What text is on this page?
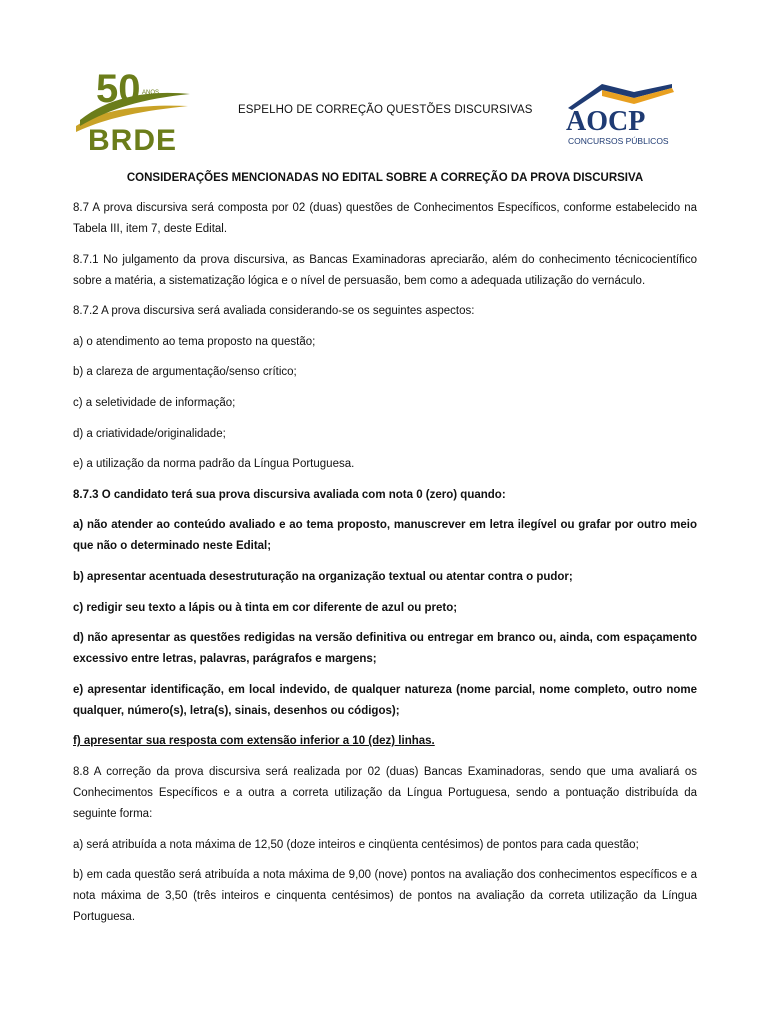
50 ANOS
BRDE
ESPELHO DE CORREÇÃO QUESTÕES DISCURSIVAS AOCP
CONCURSOS PÚBLICOS
CONSIDERAÇÕES MENCIONADAS NO EDITAL SOBRE A CORREÇÃO DA PROVA DISCURSIVA

8.7 A prova discursiva será composta por 02 (duas) questões de Conhecimentos Específicos, conforme estabelecido na Tabela III, item 7, deste Edital.

8.7.1 No julgamento da prova discursiva, as Bancas Examinadoras apreciarão, além do conhecimento técnicocientífico sobre a matéria, a sistematização lógica e o nível de persuasão, bem como a adequada utilização do vernáculo.

8.7.2 A prova discursiva será avaliada considerando-se os seguintes aspectos:

a) o atendimento ao tema proposto na questão;

b) a clareza de argumentação/senso crítico;

c) a seletividade de informação;

d) a criatividade/originalidade;

e) a utilização da norma padrão da Língua Portuguesa.

8.7.3 O candidato terá sua prova discursiva avaliada com nota 0 (zero) quando:

a) não atender ao conteúdo avaliado e ao tema proposto, manuscrever em letra ilegível ou grafar por outro meio que não o determinado neste Edital;

b) apresentar acentuada desestruturação na organização textual ou atentar contra o pudor;

c) redigir seu texto a lápis ou à tinta em cor diferente de azul ou preto;

d) não apresentar as questões redigidas na versão definitiva ou entregar em branco ou, ainda, com espaçamento excessivo entre letras, palavras, parágrafos e margens;

e) apresentar identificação, em local indevido, de qualquer natureza (nome parcial, nome completo, outro nome qualquer, número(s), letra(s), sinais, desenhos ou códigos);

f) apresentar sua resposta com extensão inferior a 10 (dez) linhas.

8.8 A correção da prova discursiva será realizada por 02 (duas) Bancas Examinadoras, sendo que uma avaliará os Conhecimentos Específicos e a outra a correta utilização da Língua Portuguesa, sendo a pontuação distribuída da seguinte forma:

a) será atribuída a nota máxima de 12,50 (doze inteiros e cinqüenta centésimos) de pontos para cada questão;

b) em cada questão será atribuída a nota máxima de 9,00 (nove) pontos na avaliação dos conhecimentos específicos e a nota máxima de 3,50 (três inteiros e cinquenta centésimos) de pontos na avaliação da correta utilização da Língua Portuguesa.
